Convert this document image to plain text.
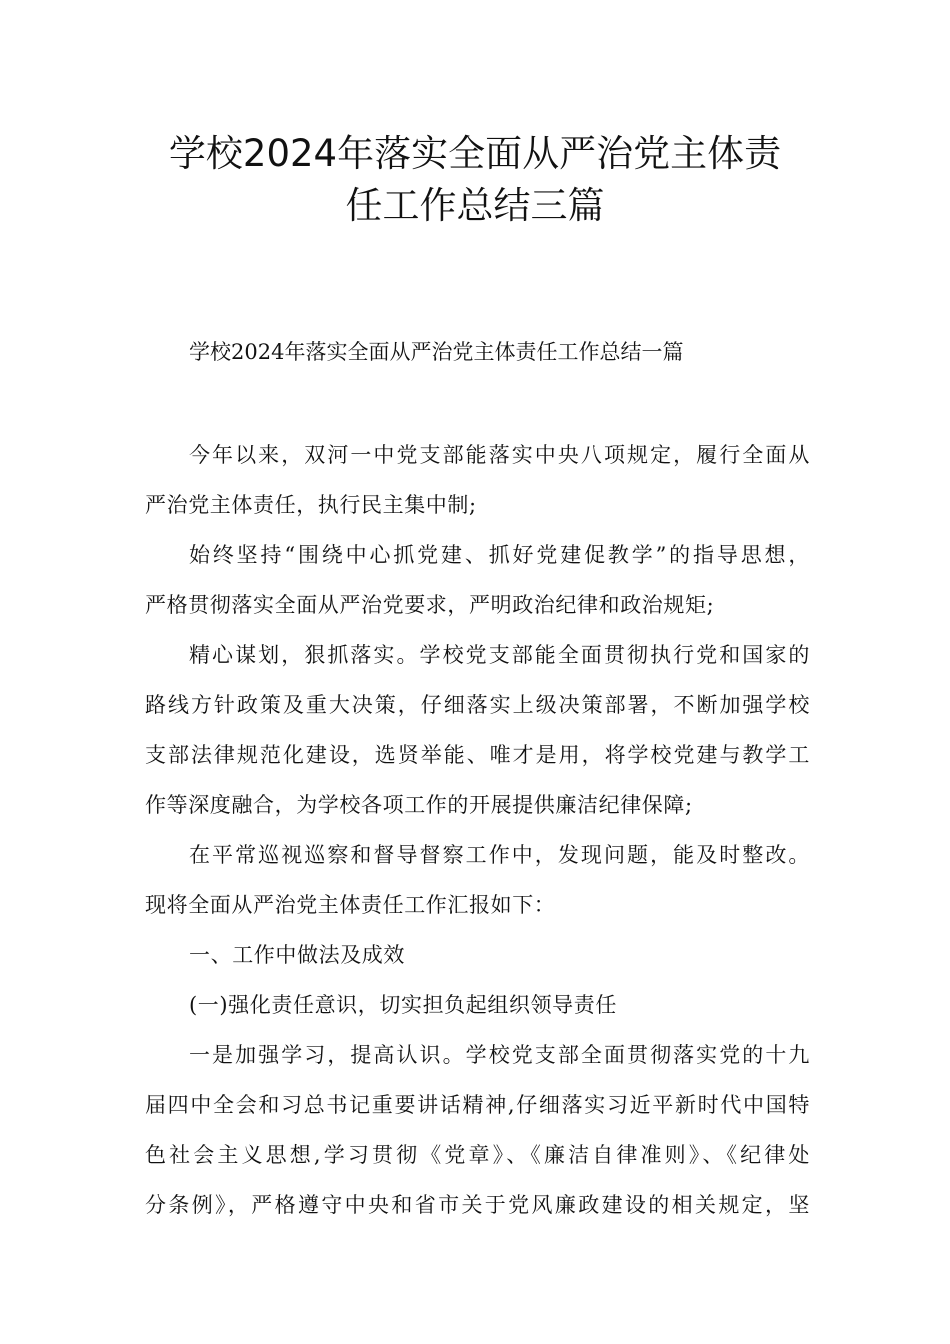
学校2024年落实全面从严治党主体责
任工作总结三篇

学校2024年落实全面从严治党主体责任工作总结一篇

今年以来，双河一中党支部能落实中央八项规定，履行全面从
严治党主体责任，执行民主集中制;
始终坚持“围绕中心抓党建、抓好党建促教学”的指导思想，
严格贯彻落实全面从严治党要求，严明政治纪律和政治规矩;
精心谋划，狠抓落实。学校党支部能全面贯彻执行党和国家的
路线方针政策及重大决策，仔细落实上级决策部署，不断加强学校
支部法律规范化建设，选贤举能、唯才是用，将学校党建与教学工
作等深度融合，为学校各项工作的开展提供廉洁纪律保障;
在平常巡视巡察和督导督察工作中，发现问题，能及时整改。
现将全面从严治党主体责任工作汇报如下：
一、工作中做法及成效
(一)强化责任意识，切实担负起组织领导责任
一是加强学习，提高认识。学校党支部全面贯彻落实党的十九
届四中全会和习总书记重要讲话精神,仔细落实习近平新时代中国特
色社会主义思想,学习贯彻《党章》、《廉洁自律准则》、《纪律处
分条例》，严格遵守中央和省市关于党风廉政建设的相关规定，坚
